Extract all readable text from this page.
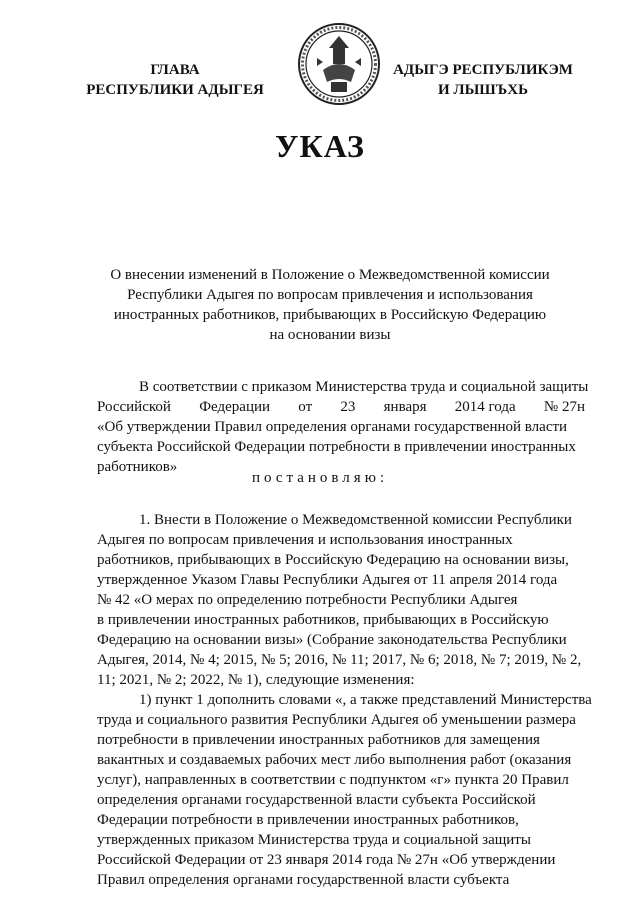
ГЛАВА
РЕСПУБЛИКИ АДЫГЕЯ
АДЫГЭ РЕСПУБЛИКЭМ
И ЛЫШЪХЬ
УКАЗ
О внесении изменений в Положение о Межведомственной комиссии
Республики Адыгея по вопросам привлечения и использования
иностранных работников, прибывающих в Российскую Федерацию
на основании визы
В соответствии с приказом Министерства труда и социальной защиты
Российской Федерации от 23 января 2014 года № 27н
«Об утверждении Правил определения органами государственной власти
субъекта Российской Федерации потребности в привлечении иностранных
работников»
постановляю:
1. Внести в Положение о Межведомственной комиссии Республики
Адыгея по вопросам привлечения и использования иностранных
работников, прибывающих в Российскую Федерацию на основании визы,
утвержденное Указом Главы Республики Адыгея от 11 апреля 2014 года
№ 42 «О мерах по определению потребности Республики Адыгея
в привлечении иностранных работников, прибывающих в Российскую
Федерацию на основании визы» (Собрание законодательства Республики
Адыгея, 2014, № 4; 2015, № 5; 2016, № 11; 2017, № 6; 2018, № 7; 2019, № 2,
11; 2021, № 2; 2022, № 1), следующие изменения:
1) пункт 1 дополнить словами «, а также представлений Министерства
труда и социального развития Республики Адыгея об уменьшении размера
потребности в привлечении иностранных работников для замещения
вакантных и создаваемых рабочих мест либо выполнения работ (оказания
услуг), направленных в соответствии с подпунктом «г» пункта 20 Правил
определения органами государственной власти субъекта Российской
Федерации потребности в привлечении иностранных работников,
утвержденных приказом Министерства труда и социальной защиты
Российской Федерации от 23 января 2014 года № 27н «Об утверждении
Правил определения органами государственной власти субъекта
